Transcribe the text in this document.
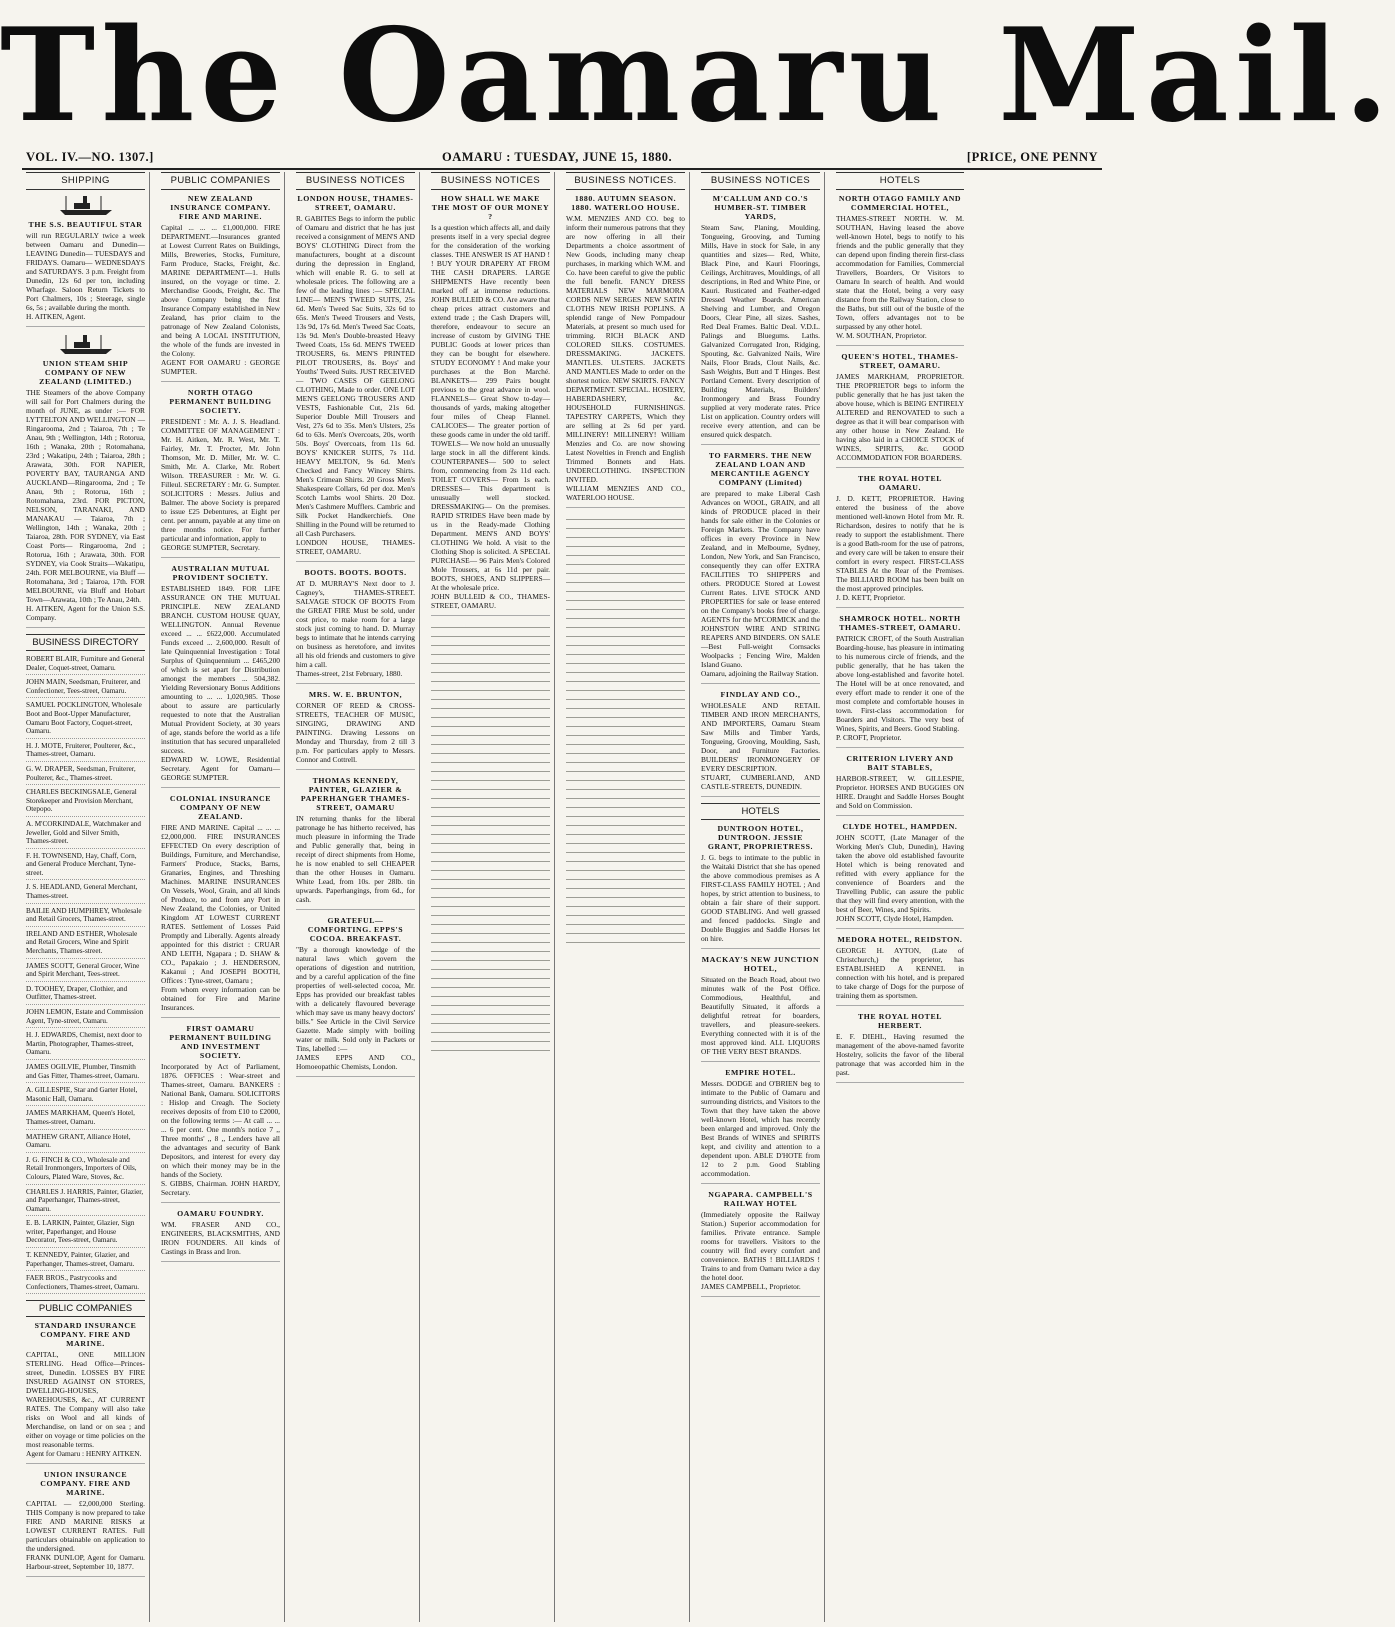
The Oamaru Mail.
VOL. IV.—NO. 1307.]	OAMARU : TUESDAY, JUNE 15, 1880.	[PRICE, ONE PENNY
SHIPPING
THE S.S. BEAUTIFUL STAR

will run REGULARLY twice a week between Oamaru and Dunedin— LEAVING Dunedin— TUESDAYS and FRIDAYS. Oamaru— WEDNESDAYS and SATURDAYS. 3 p.m. Freight from Dunedin, 12s 6d per ton, including Wharfage. Saloon Return Tickets to Port Chalmers, 10s ; Steerage, single 6s, 5s ; available during the month.

H. AITKEN, Agent.

UNION STEAM SHIP COMPANY OF NEW ZEALAND (LIMITED.)

THE Steamers of the above Company will sail for Port Chalmers during the month of JUNE, as under :— FOR LYTTELTON AND WELLINGTON —Ringarooma, 2nd ; Taiaroa, 7th ; Te Anau, 9th ; Wellington, 14th ; Rotorua, 16th ; Wanaka, 20th ; Rotomahana, 23rd ; Wakatipu, 24th ; Taiaroa, 28th ; Arawata, 30th. FOR NAPIER, POVERTY BAY, TAURANGA AND AUCKLAND—Ringarooma, 2nd ; Te Anau, 9th ; Rotorua, 16th ; Rotomahana, 23rd. FOR PICTON, NELSON, TARANAKI, AND MANAKAU — Taiaroa, 7th ; Wellington, 14th ; Wanaka, 20th ; Taiaroa, 28th. FOR SYDNEY, via East Coast Ports— Ringarooma, 2nd ; Rotorua, 16th ; Arawata, 30th. FOR SYDNEY, via Cook Straits—Wakatipu, 24th. FOR MELBOURNE, via Bluff — Rotomahana, 3rd ; Taiaroa, 17th. FOR MELBOURNE, via Bluff and Hobart Town—Arawata, 10th ; Te Anau, 24th.

H. AITKEN, Agent for the Union S.S. Company.

BUSINESS DIRECTORY

ROBERT BLAIR, Furniture and General Dealer, Coquet-street, Oamaru.

JOHN MAIN, Seedsman, Fruiterer, and Confectioner, Tees-street, Oamaru.

SAMUEL POCKLINGTON, Wholesale Boot and Boot-Upper Manufacturer, Oamaru Boot Factory, Coquet-street, Oamaru.

H. J. MOTE, Fruiterer, Poulterer, &c., Thames-street, Oamaru.

G. W. DRAPER, Seedsman, Fruiterer, Poulterer, &c., Thames-street.

CHARLES BECKINGSALE, General Storekeeper and Provision Merchant, Otepopo.

A. M'CORKINDALE, Watchmaker and Jeweller, Gold and Silver Smith, Thames-street.

F. H. TOWNSEND, Hay, Chaff, Corn, and General Produce Merchant, Tyne-street.

J. S. HEADLAND, General Merchant, Thames-street.

BAILIE AND HUMPHREY, Wholesale and Retail Grocers, Thames-street.

IRELAND AND ESTHER, Wholesale and Retail Grocers, Wine and Spirit Merchants, Thames-street.

JAMES SCOTT, General Grocer, Wine and Spirit Merchant, Tees-street.

D. TOOHEY, Draper, Clothier, and Outfitter, Thames-street.

JOHN LEMON, Estate and Commission Agent, Tyne-street, Oamaru.

H. J. EDWARDS, Chemist, next door to Martin, Photographer, Thames-street, Oamaru.

JAMES OGILVIE, Plumber, Tinsmith and Gas Fitter, Thames-street, Oamaru.

A. GILLESPIE, Star and Garter Hotel, Masonic Hall, Oamaru.

JAMES MARKHAM, Queen's Hotel, Thames-street, Oamaru.

MATHEW GRANT, Alliance Hotel, Oamaru.

J. G. FINCH & CO., Wholesale and Retail Ironmongers, Importers of Oils, Colours, Plated Ware, Stoves, &c.

CHARLES J. HARRIS, Painter, Glazier, and Paperhanger, Thames-street, Oamaru.

E. B. LARKIN, Painter, Glazier, Sign writer, Paperhanger, and House Decorator, Tees-street, Oamaru.

T. KENNEDY, Painter, Glazier, and Paperhanger, Thames-street, Oamaru.

FAER BROS., Pastrycooks and Confectioners, Thames-street, Oamaru.

PUBLIC COMPANIES
STANDARD INSURANCE COMPANY. FIRE AND MARINE.

CAPITAL, ONE MILLION STERLING. Head Office—Princes-street, Dunedin. LOSSES BY FIRE INSURED AGAINST ON STORES, DWELLING-HOUSES, WAREHOUSES, &c., AT CURRENT RATES. The Company will also take risks on Wool and all kinds of Merchandise, on land or on sea ; and either on voyage or time policies on the most reasonable terms.

Agent for Oamaru : HENRY AITKEN.

UNION INSURANCE COMPANY. FIRE AND MARINE.

CAPITAL — £2,000,000 Sterling. THIS Company is now prepared to take FIRE AND MARINE RISKS at LOWEST CURRENT RATES. Full particulars obtainable on application to the undersigned.

FRANK DUNLOP, Agent for Oamaru. Harbour-street, September 10, 1877.

PUBLIC COMPANIES
NEW ZEALAND INSURANCE COMPANY. FIRE AND MARINE.

Capital ... ... ... £1,000,000. FIRE DEPARTMENT.—Insurances granted at Lowest Current Rates on Buildings, Mills, Breweries, Stocks, Furniture, Farm Produce, Stacks, Freight, &c. MARINE DEPARTMENT—1. Hulls insured, on the voyage or time. 2. Merchandise Goods, Freight, &c. The above Company being the first Insurance Company established in New Zealand, has prior claim to the patronage of New Zealand Colonists, and being A LOCAL INSTITUTION, the whole of the funds are invested in the Colony.

AGENT FOR OAMARU : GEORGE SUMPTER.

NORTH OTAGO PERMANENT BUILDING SOCIETY.

PRESIDENT : Mr. A. J. S. Headland. COMMITTEE OF MANAGEMENT : Mr. H. Aitken, Mr. R. West, Mr. T. Fairley, Mr. T. Procter, Mr. John Thomson, Mr. D. Miller, Mr. W. C. Smith, Mr. A. Clarke, Mr. Robert Wilson. TREASURER : Mr. W. G. Filleul. SECRETARY : Mr. G. Sumpter. SOLICITORS : Messrs. Julius and Balmer. The above Society is prepared to issue £25 Debentures, at Eight per cent. per annum, payable at any time on three months notice. For further particular and information, apply to

GEORGE SUMPTER, Secretary.

AUSTRALIAN MUTUAL PROVIDENT SOCIETY.

ESTABLISHED 1849. FOR LIFE ASSURANCE ON THE MUTUAL PRINCIPLE. NEW ZEALAND BRANCH. CUSTOM HOUSE QUAY, WELLINGTON. Annual Revenue exceed ... ... £622,000. Accumulated Funds exceed ... 2,600,000. Result of late Quinquennial Investigation : Total Surplus of Quinquennium ... £465,200 of which is set apart for Distribution amongst the members ... 504,382. Yielding Reversionary Bonus Additions amounting to ... ... 1,020,985. Those about to assure are particularly requested to note that the Australian Mutual Provident Society, at 30 years of age, stands before the world as a life institution that has secured unparalleled success.

EDWARD W. LOWE, Residential Secretary. Agent for Oamaru— GEORGE SUMPTER.

COLONIAL INSURANCE COMPANY OF NEW ZEALAND.

FIRE AND MARINE. Capital ... ... ... £2,000,000. FIRE INSURANCES EFFECTED On every description of Buildings, Furniture, and Merchandise, Farmers' Produce, Stacks, Barns, Granaries, Engines, and Threshing Machines. MARINE INSURANCES On Vessels, Wool, Grain, and all kinds of Produce, to and from any Port in New Zealand, the Colonies, or United Kingdom AT LOWEST CURRENT RATES. Settlement of Losses Paid Promptly and Liberally. Agents already appointed for this district : CRUAR AND LEITH, Ngapara ; D. SHAW & CO., Papakaio ; J. HENDERSON, Kakanui ; And JOSEPH BOOTH, Offices : Tyne-street, Oamaru ;

From whom every information can be obtained for Fire and Marine Insurances.

FIRST OAMARU PERMANENT BUILDING AND INVESTMENT SOCIETY.

Incorporated by Act of Parliament, 1876. OFFICES : Wear-street and Thames-street, Oamaru. BANKERS : National Bank, Oamaru. SOLICITORS : Hislop and Creagh. The Society receives deposits of from £10 to £2000, on the following terms :— At call ... ... ... 6 per cent. One month's notice 7 ,, Three months' ,, 8 ,, Lenders have all the advantages and security of Bank Depositors, and interest for every day on which their money may be in the hands of the Society.

S. GIBBS, Chairman. JOHN HARDY, Secretary.

OAMARU FOUNDRY.

WM. FRASER AND CO., ENGINEERS, BLACKSMITHS, AND IRON FOUNDERS. All kinds of Castings in Brass and Iron.

BUSINESS NOTICES
LONDON HOUSE, THAMES-STREET, OAMARU.

R. GABITES Begs to inform the public of Oamaru and district that he has just received a consignment of MEN'S AND BOYS' CLOTHING Direct from the manufacturers, bought at a discount during the depression in England, which will enable R. G. to sell at wholesale prices. The following are a few of the leading lines :— SPECIAL LINE— MEN'S TWEED SUITS, 25s 6d. Men's Tweed Sac Suits, 32s 6d to 65s. Men's Tweed Trousers and Vests, 13s 9d, 17s 6d. Men's Tweed Sac Coats, 13s 9d. Men's Double-breasted Heavy Tweed Coats, 15s 6d. MEN'S TWEED TROUSERS, 6s. MEN'S PRINTED PILOT TROUSERS, 8s. Boys' and Youths' Tweed Suits. JUST RECEIVED— TWO CASES OF GEELONG CLOTHING, Made to order. ONE LOT MEN'S GEELONG TROUSERS AND VESTS, Fashionable Cut, 21s 6d. Superior Double Mill Trousers and Vest, 27s 6d to 35s. Men's Ulsters, 25s 6d to 63s. Men's Overcoats, 20s, worth 50s. Boys' Overcoats, from 11s 6d. BOYS' KNICKER SUITS, 7s 11d. HEAVY MELTON, 9s 6d. Men's Checked and Fancy Wincey Shirts. Men's Crimean Shirts. 20 Gross Men's Shakespeare Collars, 6d per doz. Men's Scotch Lambs wool Shirts. 20 Doz. Men's Cashmere Mufflers. Cambric and Silk Pocket Handkerchiefs. One Shilling in the Pound will be returned to all Cash Purchasers.

LONDON HOUSE, THAMES-STREET, OAMARU.

BOOTS. BOOTS. BOOTS.

AT D. MURRAY'S Next door to J. Cagney's, THAMES-STREET. SALVAGE STOCK OF BOOTS From the GREAT FIRE Must be sold, under cost price, to make room for a large stock just coming to hand. D. Murray begs to intimate that he intends carrying on business as heretofore, and invites all his old friends and customers to give him a call.

Thames-street, 21st February, 1880.

MRS. W. E. BRUNTON,

CORNER OF REED & CROSS-STREETS, TEACHER OF MUSIC, SINGING, DRAWING AND PAINTING. Drawing Lessons on Monday and Thursday, from 2 till 3 p.m. For particulars apply to Messrs. Connor and Cottrell.

THOMAS KENNEDY, PAINTER, GLAZIER & PAPERHANGER THAMES-STREET, OAMARU

IN returning thanks for the liberal patronage he has hitherto received, has much pleasure in informing the Trade and Public generally that, being in receipt of direct shipments from Home, he is now enabled to sell CHEAPER than the other Houses in Oamaru. White Lead, from 10s. per 28lb. tin upwards. Paperhangings, from 6d., for cash.

GRATEFUL—COMFORTING. EPPS'S COCOA. BREAKFAST.

"By a thorough knowledge of the natural laws which govern the operations of digestion and nutrition, and by a careful application of the fine properties of well-selected cocoa, Mr. Epps has provided our breakfast tables with a delicately flavoured beverage which may save us many heavy doctors' bills." See Article in the Civil Service Gazette. Made simply with boiling water or milk. Sold only in Packets or Tins, labelled :—

JAMES EPPS AND CO., Homoeopathic Chemists, London.

BUSINESS NOTICES
HOW SHALL WE MAKE THE MOST OF OUR MONEY ?

Is a question which affects all, and daily presents itself in a very special degree for the consideration of the working classes. THE ANSWER IS AT HAND ! ! BUY YOUR DRAPERY AT FROM THE CASH DRAPERS. LARGE SHIPMENTS Have recently been marked off at immense reductions. JOHN BULLEID & CO. Are aware that cheap prices attract customers and extend trade ; the Cash Drapers will, therefore, endeavour to secure an increase of custom by GIVING THE PUBLIC Goods at lower prices than they can be bought for elsewhere. STUDY ECONOMY ! And make your purchases at the Bon Marché. BLANKETS— 299 Pairs bought previous to the great advance in wool. FLANNELS— Great Show to-day—thousands of yards, making altogether four miles of Cheap Flannel. CALICOES— The greater portion of these goods came in under the old tariff. TOWELS— We now hold an unusually large stock in all the different kinds. COUNTERPANES— 500 to select from, commencing from 2s 11d each. TOILET COVERS— From 1s each. DRESSES— This department is unusually well stocked. DRESSMAKING— On the premises. RAPID STRIDES Have been made by us in the Ready-made Clothing Department. MEN'S AND BOYS' CLOTHING We hold. A visit to the Clothing Shop is solicited. A SPECIAL PURCHASE— 96 Pairs Men's Colored Mole Trousers, at 6s 11d per pair. BOOTS, SHOES, AND SLIPPERS— At the wholesale price.

JOHN BULLEID & CO., THAMES-STREET, OAMARU.

BUSINESS NOTICES.
1880. AUTUMN SEASON. 1880. WATERLOO HOUSE.

W.M. MENZIES AND CO. beg to inform their numerous patrons that they are now offering in all their Departments a choice assortment of New Goods, including many cheap purchases, in marking which W.M. and Co. have been careful to give the public the full benefit. FANCY DRESS MATERIALS NEW MARMORA CORDS NEW SERGES NEW SATIN CLOTHS NEW IRISH POPLINS. A splendid range of New Pompadour Materials, at present so much used for trimming. RICH BLACK AND COLORED SILKS. COSTUMES. DRESSMAKING. JACKETS. MANTLES. ULSTERS. JACKETS AND MANTLES Made to order on the shortest notice. NEW SKIRTS. FANCY DEPARTMENT. SPECIAL. HOSIERY, HABERDASHERY, &c. HOUSEHOLD FURNISHINGS. TAPESTRY CARPETS, Which they are selling at 2s 6d per yard. MILLINERY! MILLINERY! William Menzies and Co. are now showing Latest Novelties in French and English Trimmed Bonnets and Hats. UNDERCLOTHING. INSPECTION INVITED.

WILLIAM MENZIES AND CO., WATERLOO HOUSE.

BUSINESS NOTICES
M'CALLUM AND CO.'S HUMBER-ST. TIMBER YARDS,

Steam Saw, Planing, Moulding, Tongueing, Grooving, and Turning Mills, Have in stock for Sale, in any quantities and sizes— Red, White, Black Pine, and Kauri Floorings, Ceilings, Architraves, Mouldings, of all descriptions, in Red and White Pine, or Kauri. Rusticated and Feather-edged Dressed Weather Boards. American Shelving and Lumber, and Oregon Doors, Clear Pine, all sizes. Sashes, Red Deal Frames. Baltic Deal. V.D.L. Palings and Bluegums. Laths. Galvanized Corrugated Iron, Ridging, Spouting, &c. Galvanized Nails, Wire Nails, Floor Brads, Clout Nails, &c. Sash Weights, Butt and T Hinges. Best Portland Cement. Every description of Building Materials, Builders' Ironmongery and Brass Foundry supplied at very moderate rates. Price List on application. Country orders will receive every attention, and can be ensured quick despatch.

TO FARMERS. THE NEW ZEALAND LOAN AND MERCANTILE AGENCY COMPANY (Limited)

are prepared to make Liberal Cash Advances on WOOL, GRAIN, and all kinds of PRODUCE placed in their hands for sale either in the Colonies or Foreign Markets. The Company have offices in every Province in New Zealand, and in Melbourne, Sydney, London, New York, and San Francisco, consequently they can offer EXTRA FACILITIES TO SHIPPERS and others. PRODUCE Stored at Lowest Current Rates. LIVE STOCK AND PROPERTIES for sale or lease entered on the Company's books free of charge. AGENTS for the M'CORMICK and the JOHNSTON WIRE AND STRING REAPERS AND BINDERS. ON SALE—Best Full-weight Cornsacks Woolpacks ; Fencing Wire, Malden Island Guano.

Oamaru, adjoining the Railway Station.

FINDLAY AND CO.,

WHOLESALE AND RETAIL TIMBER AND IRON MERCHANTS, AND IMPORTERS, Oamaru Steam Saw Mills and Timber Yards, Tongueing, Grooving, Moulding, Sash, Door, and Furniture Factories. BUILDERS' IRONMONGERY OF EVERY DESCRIPTION.

STUART, CUMBERLAND, AND CASTLE-STREETS, DUNEDIN.

HOTELS
DUNTROON HOTEL, DUNTROON. JESSIE GRANT, PROPRIETRESS.

J. G. begs to intimate to the public in the Waitaki District that she has opened the above commodious premises as A FIRST-CLASS FAMILY HOTEL ; And hopes, by strict attention to business, to obtain a fair share of their support. GOOD STABLING. And well grassed and fenced paddocks. Single and Double Buggies and Saddle Horses let on hire.

MACKAY'S NEW JUNCTION HOTEL,

Situated on the Beach Road, about two minutes walk of the Post Office. Commodious, Healthful, and Beautifully Situated, it affords a delightful retreat for boarders, travellers, and pleasure-seekers. Everything connected with it is of the most approved kind. ALL LIQUORS OF THE VERY BEST BRANDS.

EMPIRE HOTEL.

Messrs. DODGE and O'BRIEN beg to intimate to the Public of Oamaru and surrounding districts, and Visitors to the Town that they have taken the above well-known Hotel, which has recently been enlarged and improved. Only the Best Brands of WINES and SPIRITS kept, and civility and attention to a dependent upon. ABLE D'HOTE from 12 to 2 p.m. Good Stabling accommodation.

NGAPARA. CAMPBELL'S RAILWAY HOTEL

(Immediately opposite the Railway Station.) Superior accommodation for families. Private entrance. Sample rooms for travellers. Visitors to the country will find every comfort and convenience. BATHS ! BILLIARDS ! Trains to and from Oamaru twice a day the hotel door.

JAMES CAMPBELL, Proprietor.

HOTELS
NORTH OTAGO FAMILY AND COMMERCIAL HOTEL,

THAMES-STREET NORTH. W. M. SOUTHAN, Having leased the above well-known Hotel, begs to notify to his friends and the public generally that they can depend upon finding therein first-class accommodation for Families, Commercial Travellers, Boarders, Or Visitors to Oamaru In search of health. And would state that the Hotel, being a very easy distance from the Railway Station, close to the Baths, but still out of the bustle of the Town, offers advantages not to be surpassed by any other hotel.

W. M. SOUTHAN, Proprietor.

QUEEN'S HOTEL, THAMES-STREET, OAMARU.

JAMES MARKHAM, PROPRIETOR. THE PROPRIETOR begs to inform the public generally that he has just taken the above house, which is BEING ENTIRELY ALTERED and RENOVATED to such a degree as that it will bear comparison with any other house in New Zealand. He having also laid in a CHOICE STOCK of WINES, SPIRITS, &c. GOOD ACCOMMODATION FOR BOARDERS.

THE ROYAL HOTEL OAMARU.

J. D. KETT, PROPRIETOR. Having entered the business of the above mentioned well-known Hotel from Mr. R. Richardson, desires to notify that he is ready to support the establishment. There is a good Bath-room for the use of patrons, and every care will be taken to ensure their comfort in every respect. FIRST-CLASS STABLES At the Rear of the Premises. The BILLIARD ROOM has been built on the most approved principles.

J. D. KETT, Proprietor.

SHAMROCK HOTEL. NORTH THAMES-STREET, OAMARU.

PATRICK CROFT, of the South Australian Boarding-house, has pleasure in intimating to his numerous circle of friends, and the public generally, that he has taken the above long-established and favorite hotel. The Hotel will be at once renovated, and every effort made to render it one of the most complete and comfortable houses in town. First-class accommodation for Boarders and Visitors. The very best of Wines, Spirits, and Beers. Good Stabling.

P. CROFT, Proprietor.

CRITERION LIVERY AND BAIT STABLES,

HARBOR-STREET, W. GILLESPIE, Proprietor. HORSES AND BUGGIES ON HIRE. Draught and Saddle Horses Bought and Sold on Commission.

CLYDE HOTEL, HAMPDEN.

JOHN SCOTT, (Late Manager of the Working Men's Club, Dunedin), Having taken the above old established favourite Hotel which is being renovated and refitted with every appliance for the convenience of Boarders and the Travelling Public, can assure the public that they will find every attention, with the best of Beer, Wines, and Spirits.

JOHN SCOTT, Clyde Hotel, Hampden.

MEDORA HOTEL, REIDSTON.

GEORGE H. AYTON, (Late of Christchurch,) the proprietor, has ESTABLISHED A KENNEL in connection with his hotel, and is prepared to take charge of Dogs for the purpose of training them as sportsmen.

THE ROYAL HOTEL HERBERT.

E. F. DIEHL, Having resumed the management of the above-named favorite Hostelry, solicits the favor of the liberal patronage that was accorded him in the past.
